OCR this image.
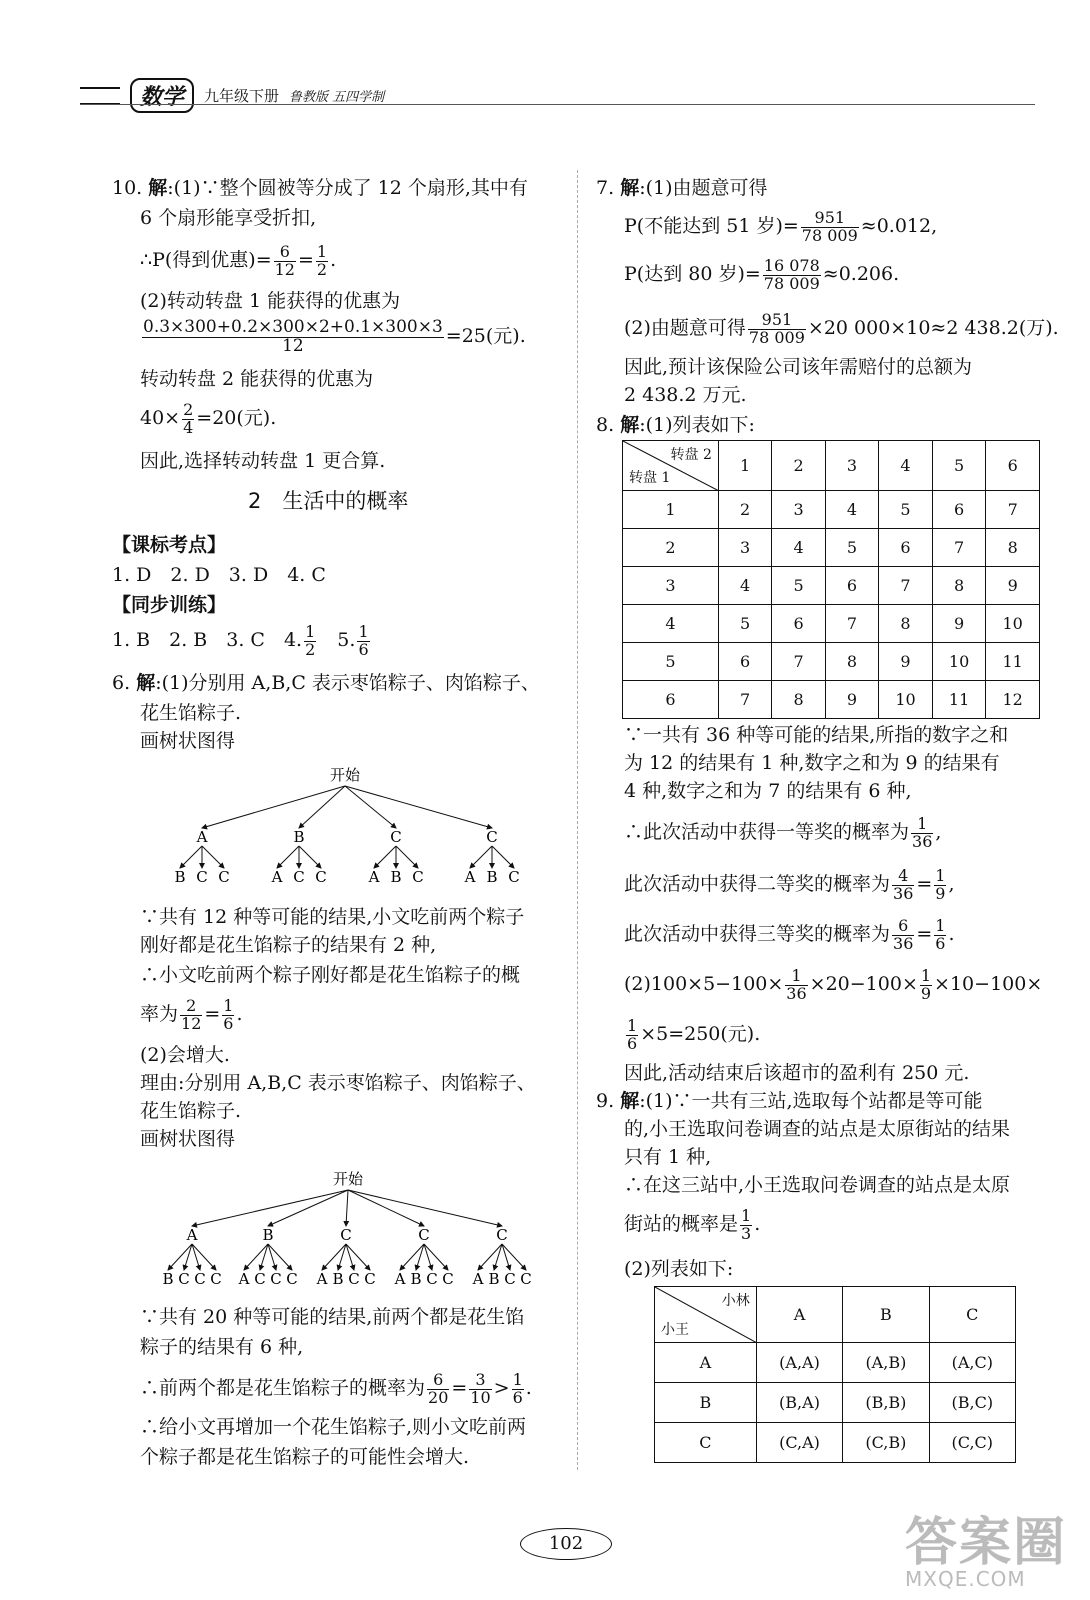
数学	九年级下册 鲁教版 五四学制
10. 解:(1)∵整个圆被等分成了 12 个扇形,其中有
6 个扇形能享受折扣,
∴P(得到优惠)= $\frac{6}{12} = \frac{1}{2}$ .
(2)转动转盘 1 能获得的优惠为
$\frac{0.3\times 300+0.2\times 300\times 2+0.1\times 300\times 3}{12} =25$(元).
转动转盘 2 能获得的优惠为
$40\times \frac{2}{4} =20$(元).
因此,选择转动转盘 1 更合算.
2　生活中的概率
【课标考点】
1. D　2. D　3. D　4. C
【同步训练】
1. B　2. B　3. C　4. $\frac{1}{2}$
　 5. $\frac{1}{6}$
6. 解:(1)分别用 A,B,C 表示枣馅粽子、肉馅粽子、
花生馅粽子.
画树状图得
开始
A
B C C
B
A C C
C
A B C
C
A B C
∵共有 12 种等可能的结果,小文吃前两个粽子
刚好都是花生馅粽子的结果有 2 种,
∴小文吃前两个粽子刚好都是花生馅粽子的概
率为 $\frac{2}{12} = \frac{1}{6}$ .
(2)会增大.
理由:分别用 A,B,C 表示枣馅粽子、肉馅粽子、
花生馅粽子.
画树状图得
开始
A
B C C C
B
A C C C
C
A B C C
C
A B C C
C
A B C C
∵共有 20 种等可能的结果,前两个都是花生馅
粽子的结果有 6 种,
∴前两个都是花生馅粽子的概率为 $\frac{6}{20} = \frac{3}{10} > \frac{1}{6}$ .
∴给小文再增加一个花生馅粽子,则小文吃前两
个粽子都是花生馅粽子的可能性会增大.
7. 解:(1)由题意可得
P(不能达到 51 岁)= $\frac{951}{78 009} \approx 0.012$,
P(达到 80 岁)= $\frac{16 078}{78 009} \approx 0.206$.
(2)由题意可得 $\frac{951}{78 009} \times 20$ 000×10≈2 438.2(万).
因此,预计该保险公司该年需赔付的总额为
2 438.2 万元.
8. 解:(1)列表如下:
转盘 2
转盘 1	1	2	3	4	5	6
1	2	3	4	5	6	7
2	3	4	5	6	7	8
3	4	5	6	7	8	9
4	5	6	7	8	9	10
5	6	7	8	9	10	11
6	7	8	9	10	11	12
∵一共有 36 种等可能的结果,所指的数字之和
为 12 的结果有 1 种,数字之和为 9 的结果有
4 种,数字之和为 7 的结果有 6 种,
∴此次活动中获得一等奖的概率为 $\frac{1}{36}$ ,
此次活动中获得二等奖的概率为 $\frac{4}{36} = \frac{1}{9}$ ,
此次活动中获得三等奖的概率为 $\frac{6}{36} = \frac{1}{6}$ .
$(2)100\times 5-100\times \frac{1}{36} \times 20-100\times \frac{1}{9} \times 10-100\times$
$\frac{1}{6} \times 5=250$(元).
因此,活动结束后该超市的盈利有 250 元.
9. 解:(1)∵一共有三站,选取每个站都是等可能
的,小王选取问卷调查的站点是太原街站的结果
只有 1 种,
∴在这三站中,小王选取问卷调查的站点是太原
街站的概率是 $\frac{1}{3}$ .
(2)列表如下:
小林
小王	A	B	C
A	(A,A)	(A,B)	(A,C)
B	(B,A)	(B,B)	(B,C)
C	(C,A)	(C,B)	(C,C)
102	答案圈
MXQE.COM
